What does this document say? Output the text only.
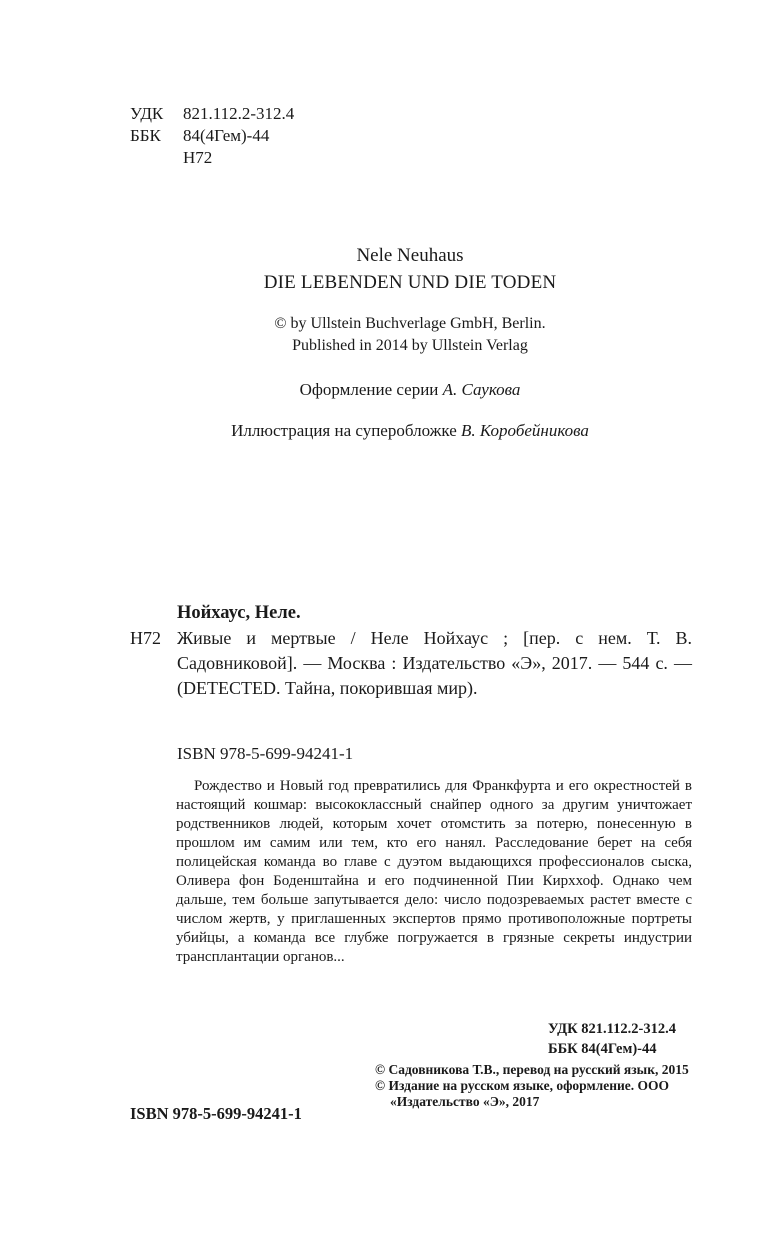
УДК	821.112.2-312.4
ББК	84(4Гем)-44
Н72
Nele Neuhaus
DIE LEBENDEN UND DIE TODEN
© by Ullstein Buchverlage GmbH, Berlin.
Published in 2014 by Ullstein Verlag
Оформление серии А. Саукова
Иллюстрация на суперобложке В. Коробейникова
Нойхаус, Неле.
Н72 Живые и мертвые / Неле Нойхаус ; [пер. с нем. Т. В. Садовниковой]. — Москва : Издательство «Э», 2017. — 544 с. — (DETECTED. Тайна, покорившая мир).
ISBN 978-5-699-94241-1
Рождество и Новый год превратились для Франкфурта и его окрестностей в настоящий кошмар: высококлассный снайпер одного за другим уничтожает родственников людей, которым хочет отомстить за потерю, понесенную в прошлом им самим или тем, кто его нанял. Расследование берет на себя полицейская команда во главе с дуэтом выдающихся профессионалов сыска, Оливера фон Боденштайна и его подчиненной Пии Кирххоф. Однако чем дальше, тем больше запутывается дело: число подозреваемых растет вместе с числом жертв, у приглашенных экспертов прямо противоположные портреты убийцы, а команда все глубже погружается в грязные секреты индустрии трансплантации органов...
УДК 821.112.2-312.4
ББК 84(4Гем)-44
© Садовникова Т.В., перевод на русский язык, 2015
© Издание на русском языке, оформление. ООО «Издательство «Э», 2017
ISBN 978-5-699-94241-1
